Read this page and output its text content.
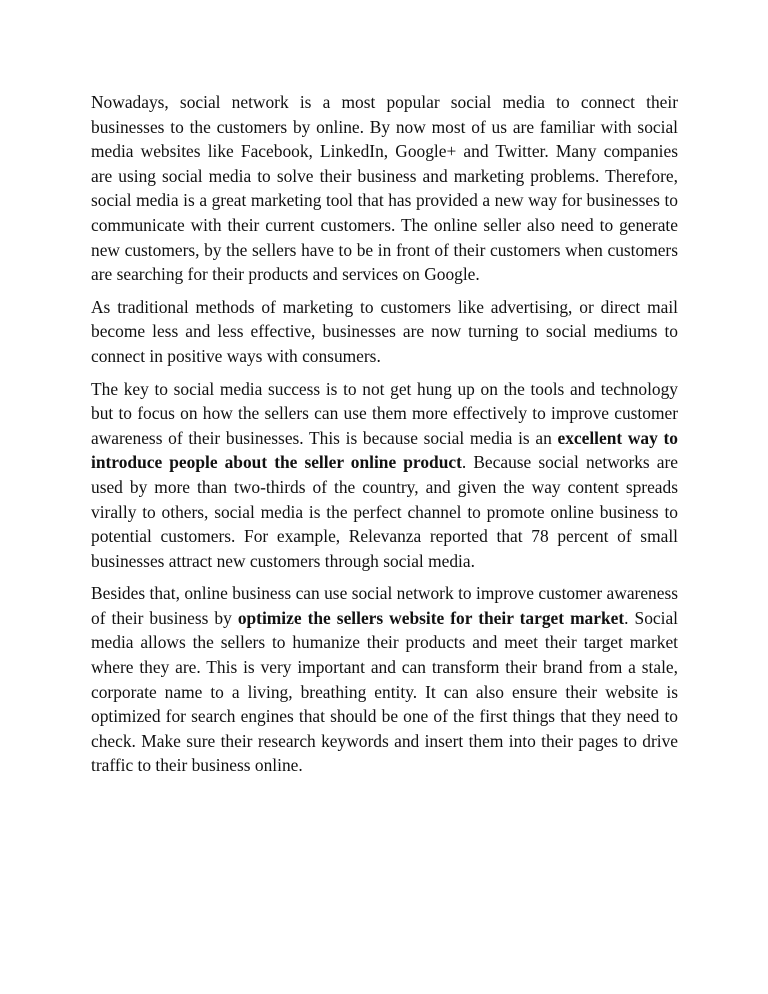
Nowadays, social network is a most popular social media to connect their businesses to the customers by online. By now most of us are familiar with social media websites like Facebook, LinkedIn, Google+ and Twitter. Many companies are using social media to solve their business and marketing problems. Therefore, social media is a great marketing tool that has provided a new way for businesses to communicate with their current customers. The online seller also need to generate new customers, by the sellers have to be in front of their customers when customers are searching for their products and services on Google.

As traditional methods of marketing to customers like advertising, or direct mail become less and less effective, businesses are now turning to social mediums to connect in positive ways with consumers.

The key to social media success is to not get hung up on the tools and technology but to focus on how the sellers can use them more effectively to improve customer awareness of their businesses. This is because social media is an excellent way to introduce people about the seller online product. Because social networks are used by more than two-thirds of the country, and given the way content spreads virally to others, social media is the perfect channel to promote online business to potential customers. For example, Relevanza reported that 78 percent of small businesses attract new customers through social media.

Besides that, online business can use social network to improve customer awareness of their business by optimize the sellers website for their target market. Social media allows the sellers to humanize their products and meet their target market where they are. This is very important and can transform their brand from a stale, corporate name to a living, breathing entity. It can also ensure their website is optimized for search engines that should be one of the first things that they need to check. Make sure their research keywords and insert them into their pages to drive traffic to their business online.
